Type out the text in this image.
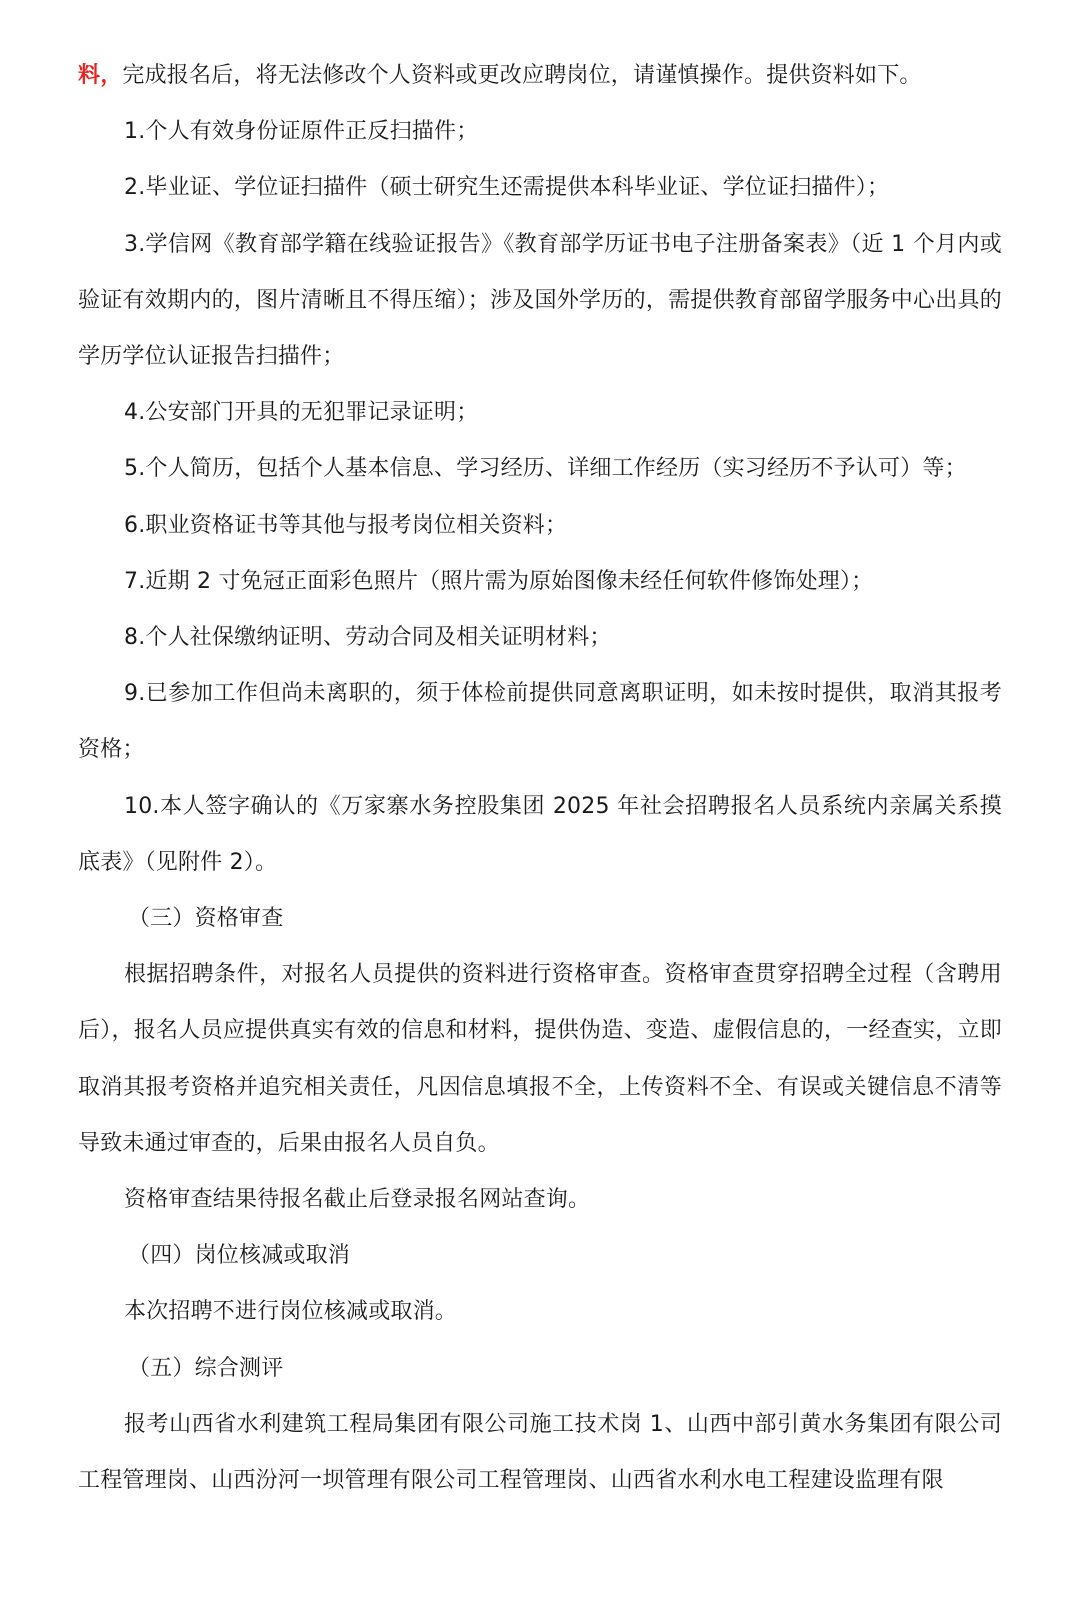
料，完成报名后，将无法修改个人资料或更改应聘岗位，请谨慎操作。提供资料如下。

1.个人有效身份证原件正反扫描件；

2.毕业证、学位证扫描件（硕士研究生还需提供本科毕业证、学位证扫描件）；

3.学信网《教育部学籍在线验证报告》《教育部学历证书电子注册备案表》（近 1 个月内或验证有效期内的，图片清晰且不得压缩）；涉及国外学历的，需提供教育部留学服务中心出具的学历学位认证报告扫描件；

4.公安部门开具的无犯罪记录证明；

5.个人简历，包括个人基本信息、学习经历、详细工作经历（实习经历不予认可）等；

6.职业资格证书等其他与报考岗位相关资料；

7.近期 2 寸免冠正面彩色照片（照片需为原始图像未经任何软件修饰处理）；

8.个人社保缴纳证明、劳动合同及相关证明材料；

9.已参加工作但尚未离职的，须于体检前提供同意离职证明，如未按时提供，取消其报考资格；

10.本人签字确认的《万家寨水务控股集团 2025 年社会招聘报名人员系统内亲属关系摸底表》（见附件 2）。

（三）资格审查

根据招聘条件，对报名人员提供的资料进行资格审查。资格审查贯穿招聘全过程（含聘用后），报名人员应提供真实有效的信息和材料，提供伪造、变造、虚假信息的，一经查实，立即取消其报考资格并追究相关责任，凡因信息填报不全，上传资料不全、有误或关键信息不清等导致未通过审查的，后果由报名人员自负。

资格审查结果待报名截止后登录报名网站查询。

（四）岗位核减或取消

本次招聘不进行岗位核减或取消。

（五）综合测评

报考山西省水利建筑工程局集团有限公司施工技术岗 1、山西中部引黄水务集团有限公司工程管理岗、山西汾河一坝管理有限公司工程管理岗、山西省水利水电工程建设监理有限
